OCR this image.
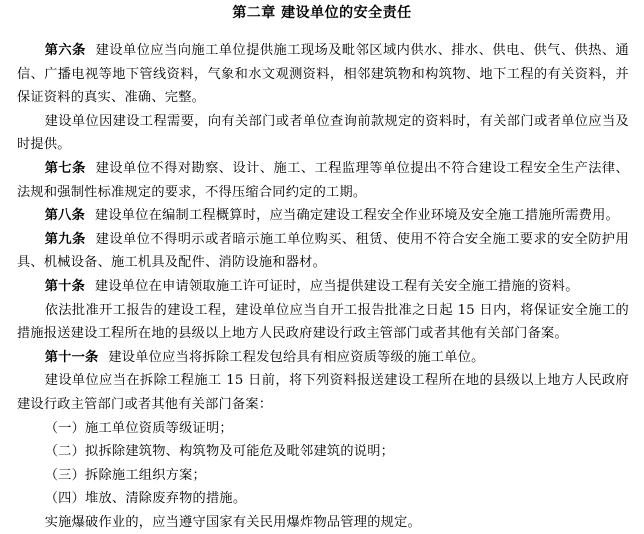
第二章 建设单位的安全责任

第六条 建设单位应当向施工单位提供施工现场及毗邻区域内供水、排水、供电、供气、供热、通信、广播电视等地下管线资料，气象和水文观测资料，相邻建筑物和构筑物、地下工程的有关资料，并保证资料的真实、准确、完整。

建设单位因建设工程需要，向有关部门或者单位查询前款规定的资料时，有关部门或者单位应当及时提供。

第七条 建设单位不得对勘察、设计、施工、工程监理等单位提出不符合建设工程安全生产法律、法规和强制性标准规定的要求，不得压缩合同约定的工期。

第八条 建设单位在编制工程概算时，应当确定建设工程安全作业环境及安全施工措施所需费用。

第九条 建设单位不得明示或者暗示施工单位购买、租赁、使用不符合安全施工要求的安全防护用具、机械设备、施工机具及配件、消防设施和器材。

第十条 建设单位在申请领取施工许可证时，应当提供建设工程有关安全施工措施的资料。

依法批准开工报告的建设工程，建设单位应当自开工报告批准之日起 15 日内，将保证安全施工的措施报送建设工程所在地的县级以上地方人民政府建设行政主管部门或者其他有关部门备案。

第十一条 建设单位应当将拆除工程发包给具有相应资质等级的施工单位。

建设单位应当在拆除工程施工 15 日前，将下列资料报送建设工程所在地的县级以上地方人民政府建设行政主管部门或者其他有关部门备案：

（一）施工单位资质等级证明；

（二）拟拆除建筑物、构筑物及可能危及毗邻建筑的说明；

（三）拆除施工组织方案；

（四）堆放、清除废弃物的措施。

实施爆破作业的，应当遵守国家有关民用爆炸物品管理的规定。
